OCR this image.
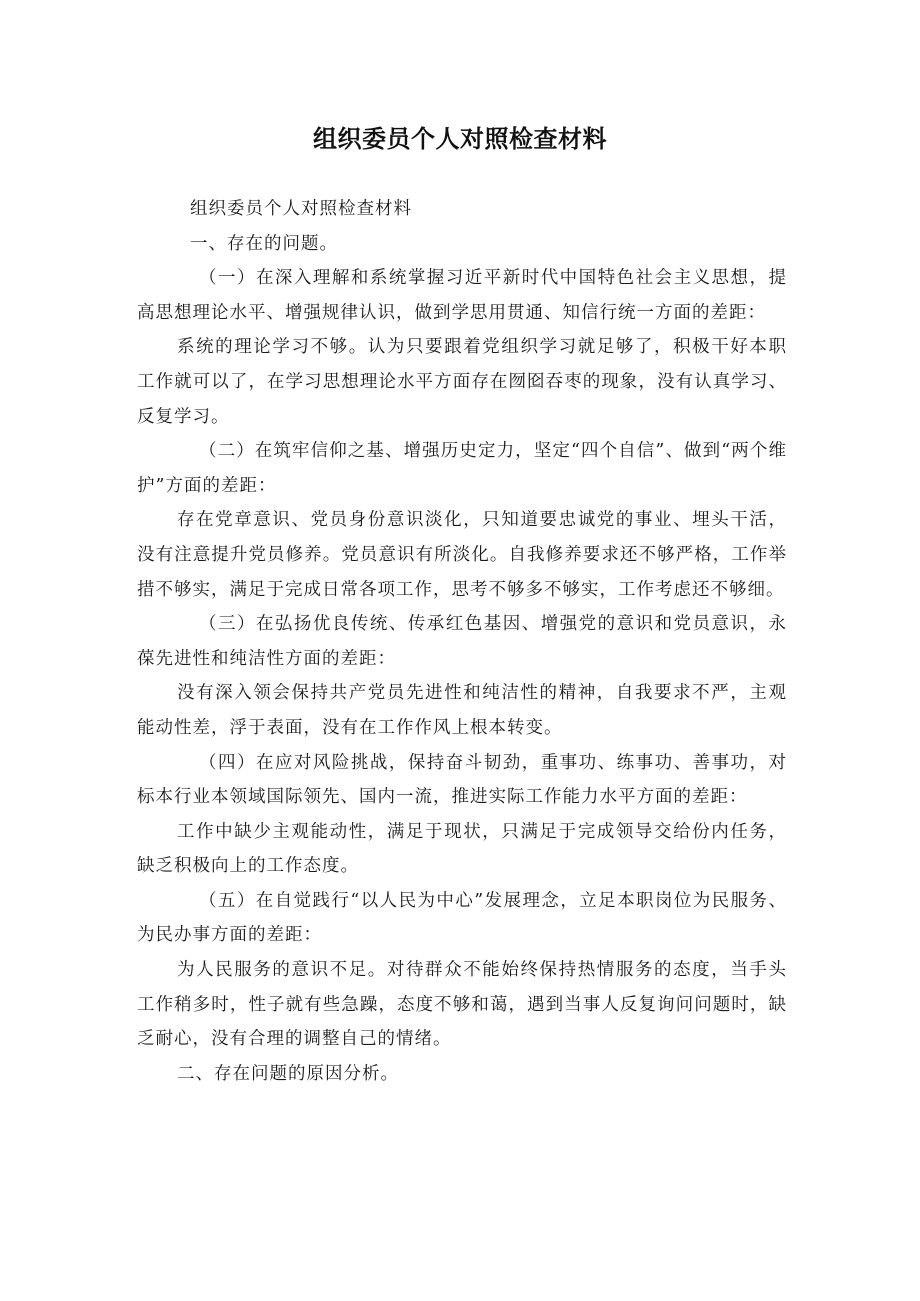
组织委员个人对照检查材料

组织委员个人对照检查材料

一、存在的问题。

（一）在深入理解和系统掌握习近平新时代中国特色社会主义思想，提高思想理论水平、增强规律认识，做到学思用贯通、知信行统一方面的差距：

系统的理论学习不够。认为只要跟着党组织学习就足够了，积极干好本职工作就可以了，在学习思想理论水平方面存在囫囵吞枣的现象，没有认真学习、反复学习。

（二）在筑牢信仰之基、增强历史定力，坚定“四个自信”、做到“两个维护”方面的差距：

存在党章意识、党员身份意识淡化，只知道要忠诚党的事业、埋头干活，没有注意提升党员修养。党员意识有所淡化。自我修养要求还不够严格，工作举措不够实，满足于完成日常各项工作，思考不够多不够实，工作考虑还不够细。

（三）在弘扬优良传统、传承红色基因、增强党的意识和党员意识，永葆先进性和纯洁性方面的差距：

没有深入领会保持共产党员先进性和纯洁性的精神，自我要求不严，主观能动性差，浮于表面，没有在工作作风上根本转变。

（四）在应对风险挑战，保持奋斗韧劲，重事功、练事功、善事功，对标本行业本领域国际领先、国内一流，推进实际工作能力水平方面的差距：

工作中缺少主观能动性，满足于现状，只满足于完成领导交给份内任务，缺乏积极向上的工作态度。

（五）在自觉践行“以人民为中心”发展理念，立足本职岗位为民服务、为民办事方面的差距：

为人民服务的意识不足。对待群众不能始终保持热情服务的态度，当手头工作稍多时，性子就有些急躁，态度不够和蔼，遇到当事人反复询问问题时，缺乏耐心，没有合理的调整自己的情绪。

二、存在问题的原因分析。
